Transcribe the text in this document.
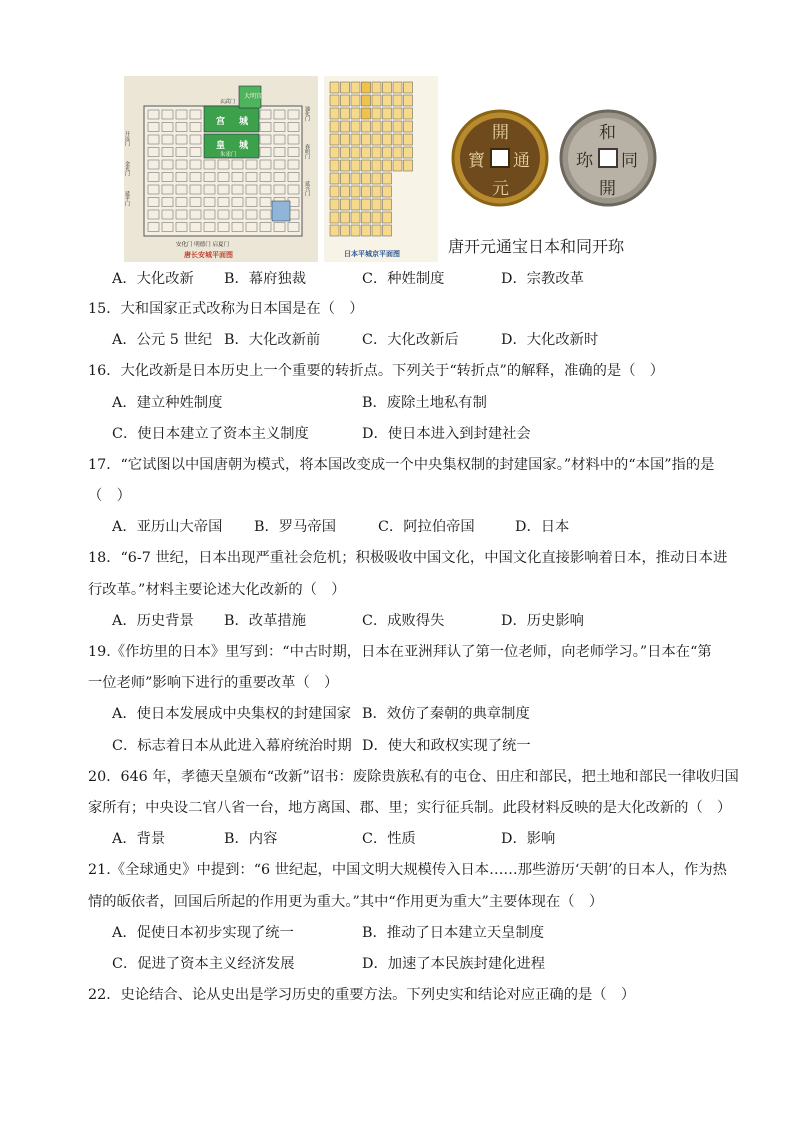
大明宫
宫 城
皇 城
朱雀门
玄武门
开远门
金光门
延平门
通化门
春明门
延兴门
安化门 明德门 启夏门
唐长安城平面图	日本平城京平面图
開
元
通
寶
和
同
開
珎
唐开元通宝日本和同开珎
A．大化改新 B．幕府独裁	C．种姓制度	D．宗教改革
15．大和国家正式改称为日本国是在（　）
A．公元 5 世纪 B．大化改新前	C．大化改新后	D．大化改新时
16．大化改新是日本历史上一个重要的转折点。下列关于“转折点”的解释，准确的是（　）
A．建立种姓制度	B．废除土地私有制
C．使日本建立了资本主义制度	D．使日本进入到封建社会
17．“它试图以中国唐朝为模式，将本国改变成一个中央集权制的封建国家。”材料中的“本国”指的是
（　）
A．亚历山大帝国 B．罗马帝国	C．阿拉伯帝国	D．日本
18．“6-7 世纪，日本出现严重社会危机；积极吸收中国文化，中国文化直接影响着日本，推动日本进
行改革。”材料主要论述大化改新的（　）
A．历史背景 B．改革措施	C．成败得失	D．历史影响
19.《作坊里的日本》里写到：“中古时期，日本在亚洲拜认了第一位老师，向老师学习。”日本在“第
一位老师”影响下进行的重要改革（　）
A．使日本发展成中央集权的封建国家 B．效仿了秦朝的典章制度
C．标志着日本从此进入幕府统治时期 D．使大和政权实现了统一
20．646 年，孝德天皇颁布“改新”诏书：废除贵族私有的屯仓、田庄和部民，把土地和部民一律收归国
家所有；中央设二官八省一台，地方离国、郡、里；实行征兵制。此段材料反映的是大化改新的（　）
A．背景	B．内容	C．性质	D．影响
21.《全球通史》中提到：“6 世纪起，中国文明大规模传入日本……那些游历‘天朝’的日本人，作为热
情的皈依者，回国后所起的作用更为重大。”其中“作用更为重大”主要体现在（　）
A．促使日本初步实现了统一	B．推动了日本建立天皇制度
C．促进了资本主义经济发展	D．加速了本民族封建化进程
22．史论结合、论从史出是学习历史的重要方法。下列史实和结论对应正确的是（　）
